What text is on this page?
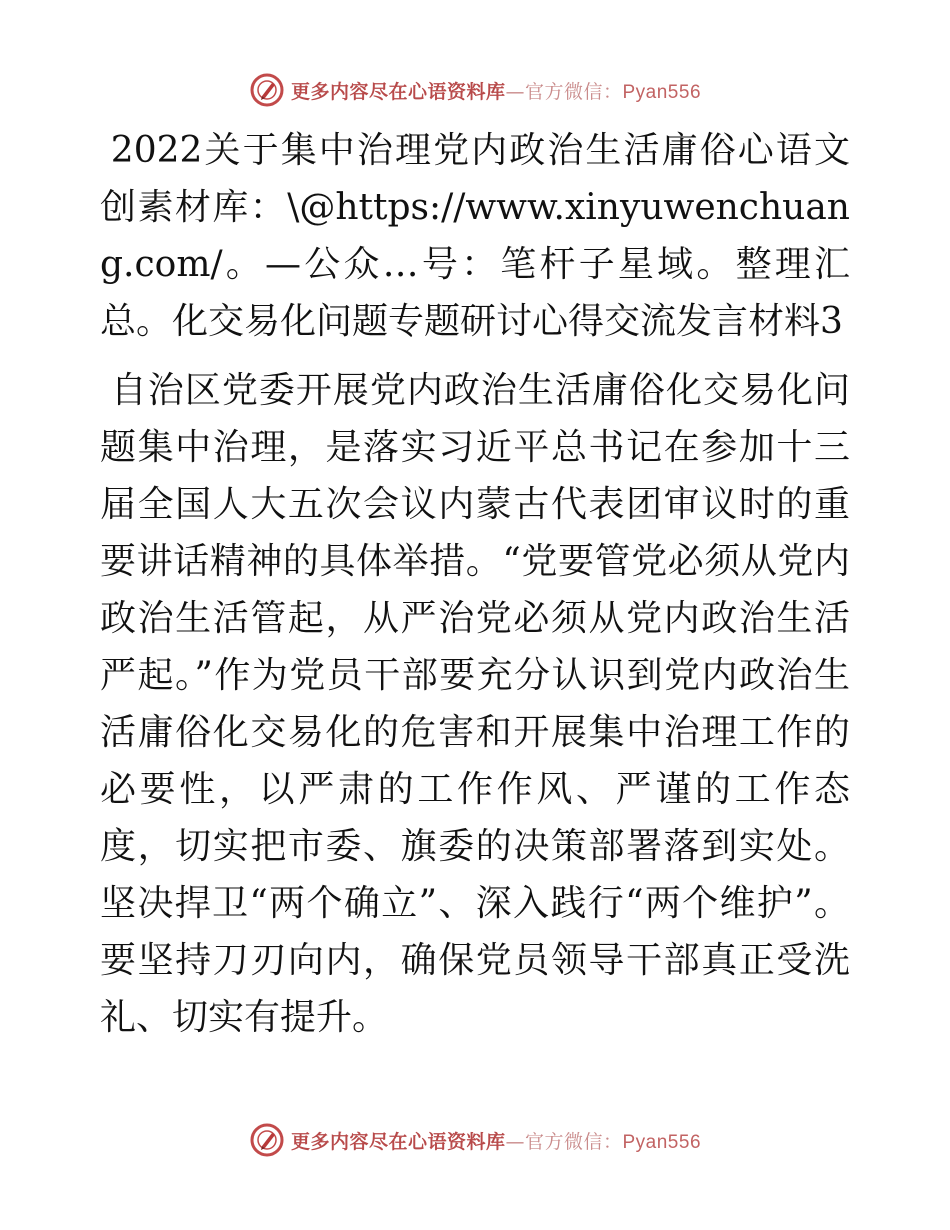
更多内容尽在心语资料库—官方微信：Pyan556

2022关于集中治理党内政治生活庸俗心语文创素材库：\@https://www.xinyuwenchuang.com/。—公众…号：笔杆子星域。整理汇总。化交易化问题专题研讨心得交流发言材料3

自治区党委开展党内政治生活庸俗化交易化问题集中治理，是落实习近平总书记在参加十三届全国人大五次会议内蒙古代表团审议时的重要讲话精神的具体举措。“党要管党必须从党内政治生活管起，从严治党必须从党内政治生活严起。”作为党员干部要充分认识到党内政治生活庸俗化交易化的危害和开展集中治理工作的必要性，以严肃的工作作风、严谨的工作态度，切实把市委、旗委的决策部署落到实处。坚决捍卫“两个确立”、深入践行“两个维护”。要坚持刀刃向内，确保党员领导干部真正受洗礼、切实有提升。

更多内容尽在心语资料库—官方微信：Pyan556
